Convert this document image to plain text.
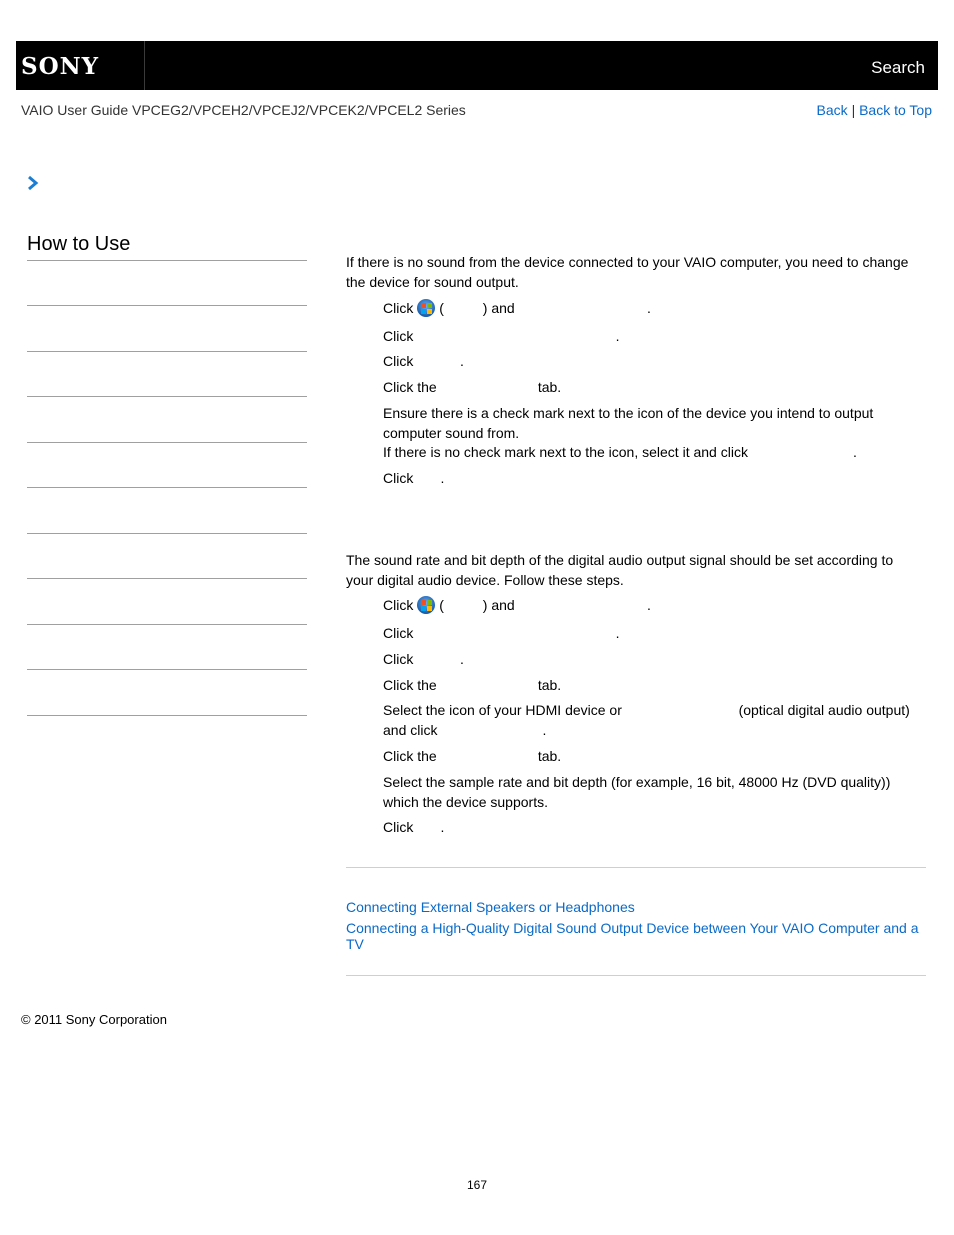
SONY	Search
VAIO User Guide VPCEG2/VPCEH2/VPCEJ2/VPCEK2/VPCEL2 Series	Back | Back to Top
How to Use
If there is no sound from the device connected to your VAIO computer, you need to change
the device for sound output.
Click (          ) and                                  .
Click                                                    .
Click            .
Click the                          tab.
Ensure there is a check mark next to the icon of the device you intend to output
computer sound from.
If there is no check mark next to the icon, select it and click                           .
Click       .
The sound rate and bit depth of the digital audio output signal should be set according to
your digital audio device. Follow these steps.
Click (          ) and                                  .
Click                                                    .
Click            .
Click the                          tab.
Select the icon of your HDMI device or                              (optical digital audio output)
and click                           .
Click the                          tab.
Select the sample rate and bit depth (for example, 16 bit, 48000 Hz (DVD quality))
which the device supports.
Click       .
Connecting External Speakers or Headphones
Connecting a High-Quality Digital Sound Output Device between Your VAIO Computer and a
TV
© 2011 Sony Corporation
167
